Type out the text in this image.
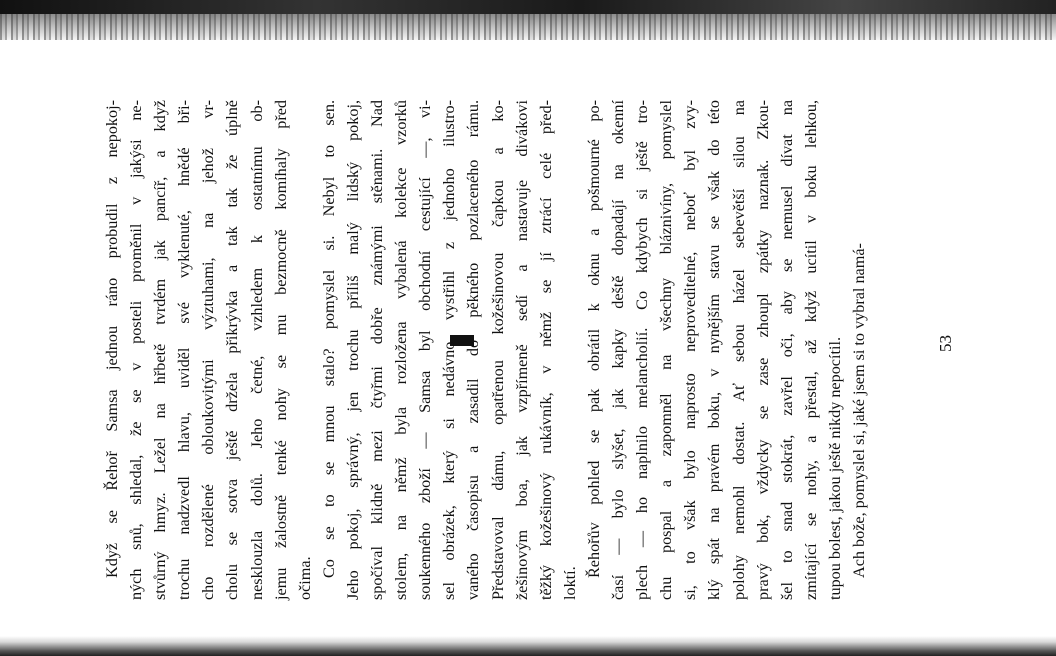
Když se Řehoř Samsa jednou ráno probudil z nepokoj- ných snů, shledal, že se v posteli proměnil v jakýsi ne- stvůrný hmyz. Ležel na hřbetě tvrdém jak pancíř, a když trochu nadzvedl hlavu, uviděl své vyklenuté, hnědé bři- cho rozdělené obloukovitými výztuhami, na jehož vr- cholu se sotva ještě držela přikrývka a tak tak že úplně nesklouzla dolů. Jeho četné, vzhledem k ostatnímu ob- jemu žalostně tenké nohy se mu bezmocně komíhaly před očima.

Co se to se mnou stalo? pomyslel si. Nebyl to sen. Jeho pokoj, správný, jen trochu příliš malý lidský pokoj, spočíval klidně mezi čtyřmi dobře známými stěnami. Nad stolem, na němž byla rozložena vybalená kolekce vzorků soukenného zboží — Samsa byl obchodní cestující —, vi- sel obrázek, který si nedávno vystřihl z jednoho ilustro- vaného časopisu a zasadil do pěkného pozlaceného rámu. Představoval dámu, opatřenou kožešinovou čapkou a ko- žešinovým boa, jak vzpřímeně sedí a nastavuje divákovi těžký kožešinový rukávník, v němž se jí ztrácí celé před- loktí.

Řehořův pohled se pak obrátil k oknu a pošmourné po- časí — bylo slyšet, jak kapky deště dopadají na okenní plech — ho naplnilo melancholií. Co kdybych si ještě tro- chu pospal a zapomněl na všechny bláznivíny, pomyslel si, to však bylo naprosto neproveditelné, neboť byl zvy- klý spát na pravém boku, v nynějším stavu se však do této polohy nemohl dostat. Ať sebou házel sebevětší silou na pravý bok, vždycky se zase zhoupl zpátky naznak. Zkou- šel to snad stokrát, zavřel oči, aby se nemusel dívat na zmítající se nohy, a přestal, až když ucítil v boku lehkou, tupou bolest, jakou ještě nikdy nepocítil. Ach bože, pomyslel si, jaké jsem si to vybral namá-	53
